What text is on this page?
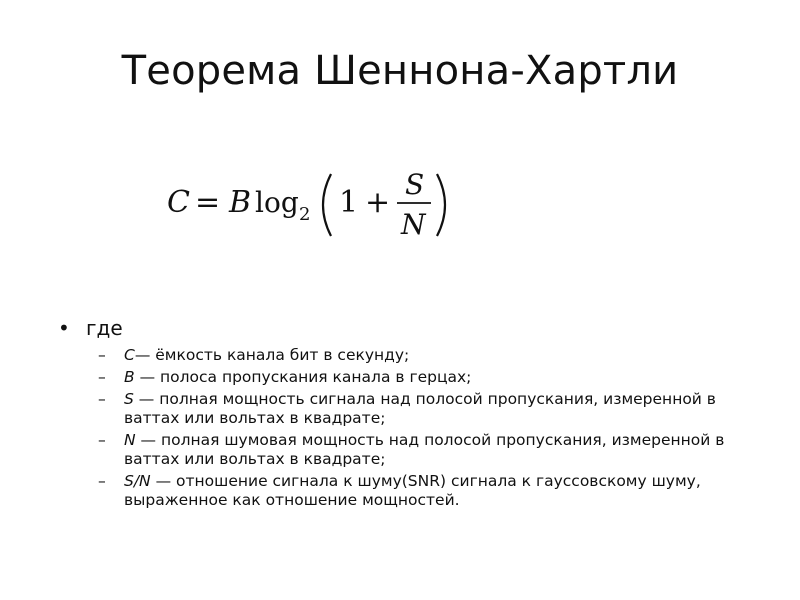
Теорема Шеннона-Хартли
C = B log 2 1 +
S
N
• где
–	C— ёмкость канала бит в секунду;
–	B — полоса пропускания канала в герцах;
–	S — полная мощность сигнала над полосой пропускания, измеренной в ваттах или вольтах в квадрате;
–	N — полная шумовая мощность над полосой пропускания, измеренной в ваттах или вольтах в квадрате;
–	S/N — отношение сигнала к шуму(SNR) сигнала к гауссовскому шуму, выраженное как отношение мощностей.
